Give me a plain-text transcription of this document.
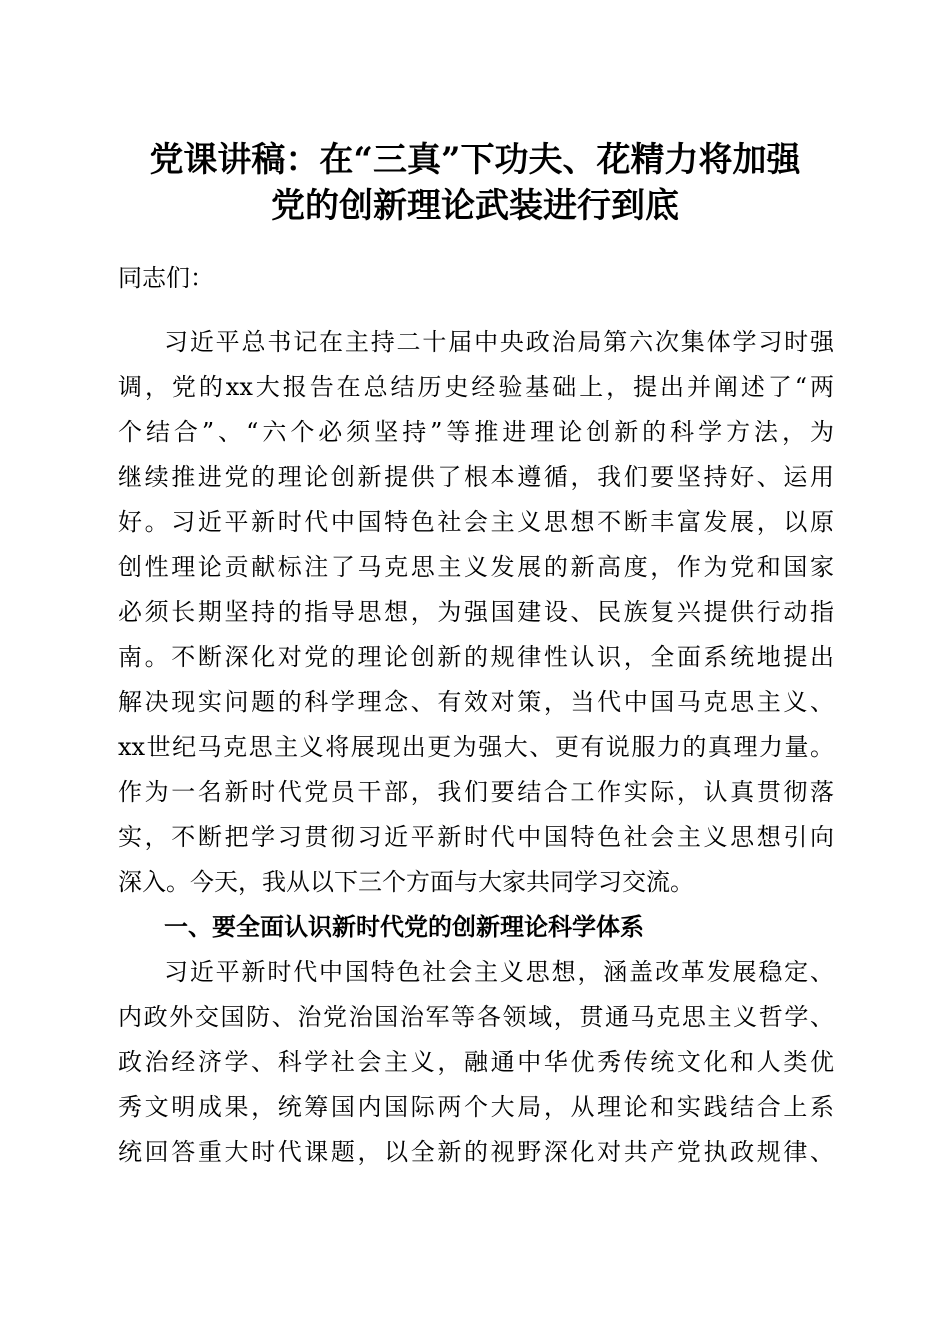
党课讲稿：在“三真”下功夫、花精力将加强
党的创新理论武装进行到底
同志们：
习近平总书记在主持二十届中央政治局第六次集体学习时强
调，党的xx大报告在总结历史经验基础上，提出并阐述了“两
个结合”、“六个必须坚持”等推进理论创新的科学方法，为
继续推进党的理论创新提供了根本遵循，我们要坚持好、运用
好。习近平新时代中国特色社会主义思想不断丰富发展，以原
创性理论贡献标注了马克思主义发展的新高度，作为党和国家
必须长期坚持的指导思想，为强国建设、民族复兴提供行动指
南。不断深化对党的理论创新的规律性认识，全面系统地提出
解决现实问题的科学理念、有效对策，当代中国马克思主义、
xx世纪马克思主义将展现出更为强大、更有说服力的真理力量。
作为一名新时代党员干部，我们要结合工作实际，认真贯彻落
实，不断把学习贯彻习近平新时代中国特色社会主义思想引向
深入。今天，我从以下三个方面与大家共同学习交流。
一、要全面认识新时代党的创新理论科学体系
习近平新时代中国特色社会主义思想，涵盖改革发展稳定、
内政外交国防、治党治国治军等各领域，贯通马克思主义哲学、
政治经济学、科学社会主义，融通中华优秀传统文化和人类优
秀文明成果，统筹国内国际两个大局，从理论和实践结合上系
统回答重大时代课题，以全新的视野深化对共产党执政规律、
